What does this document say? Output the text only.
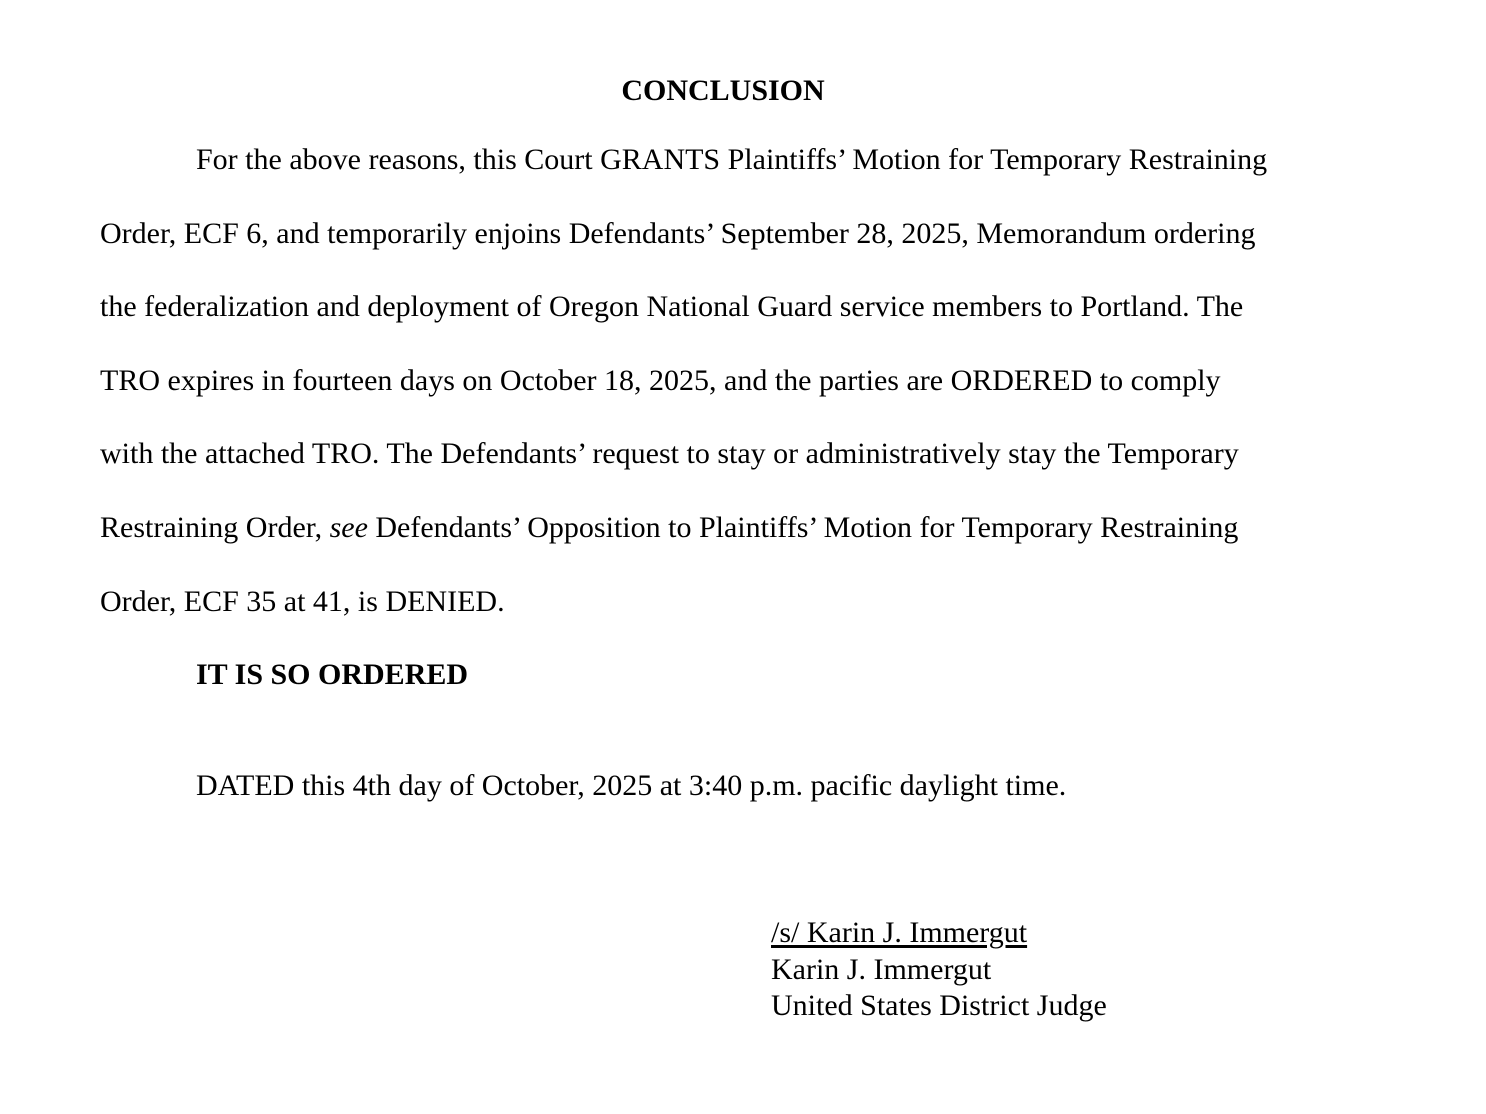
CONCLUSION

For the above reasons, this Court GRANTS Plaintiffs’ Motion for Temporary Restraining

Order, ECF 6, and temporarily enjoins Defendants’ September 28, 2025, Memorandum ordering

the federalization and deployment of Oregon National Guard service members to Portland. The

TRO expires in fourteen days on October 18, 2025, and the parties are ORDERED to comply

with the attached TRO. The Defendants’ request to stay or administratively stay the Temporary

Restraining Order, see Defendants’ Opposition to Plaintiffs’ Motion for Temporary Restraining

Order, ECF 35 at 41, is DENIED.

IT IS SO ORDERED

DATED this 4th day of October, 2025 at 3:40 p.m. pacific daylight time.

/s/ Karin J. Immergut

Karin J. Immergut

United States District Judge
